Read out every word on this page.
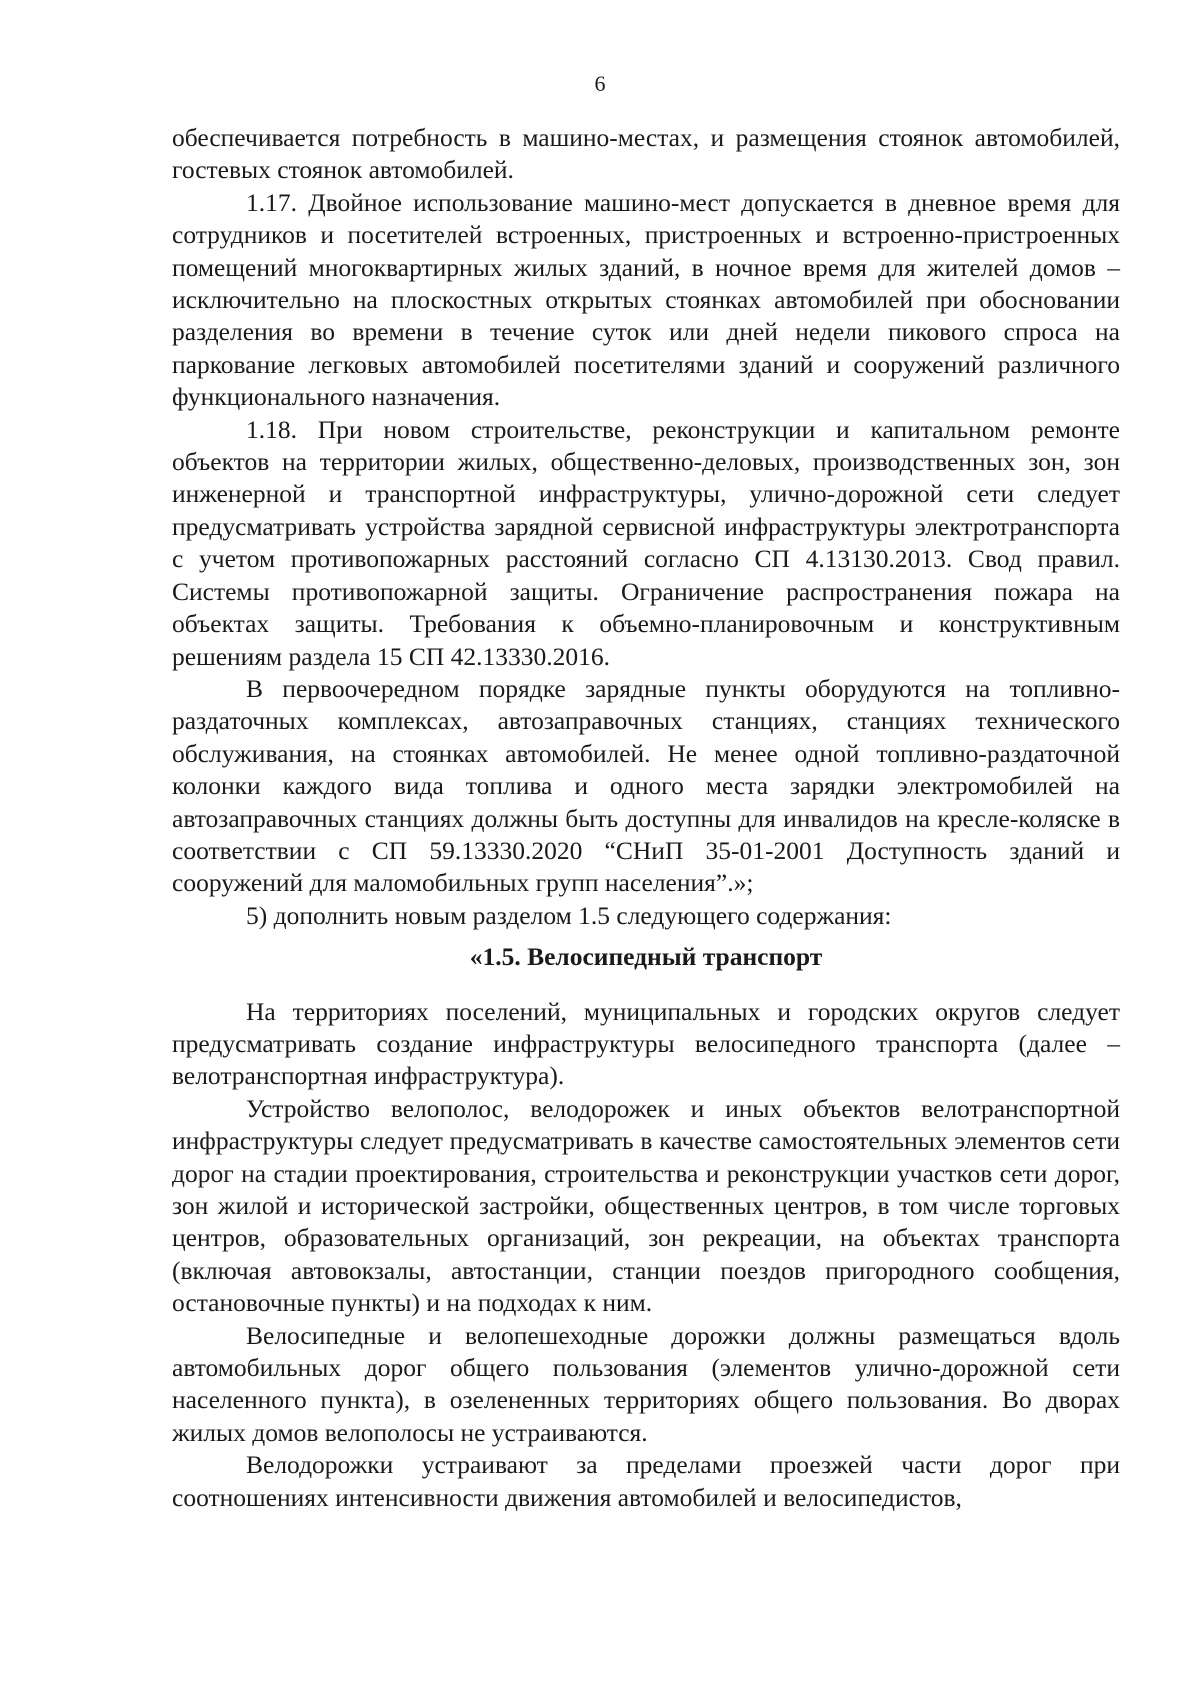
6

обеспечивается потребность в машино-местах, и размещения стоянок автомобилей, гостевых стоянок автомобилей.

1.17. Двойное использование машино-мест допускается в дневное время для сотрудников и посетителей встроенных, пристроенных и встроенно-пристроенных помещений многоквартирных жилых зданий, в ночное время для жителей домов – исключительно на плоскостных открытых стоянках автомобилей при обосновании разделения во времени в течение суток или дней недели пикового спроса на паркование легковых автомобилей посетителями зданий и сооружений различного функционального назначения.

1.18. При новом строительстве, реконструкции и капитальном ремонте объектов на территории жилых, общественно-деловых, производственных зон, зон инженерной и транспортной инфраструктуры, улично-дорожной сети следует предусматривать устройства зарядной сервисной инфраструктуры электротранспорта с учетом противопожарных расстояний согласно СП 4.13130.2013. Свод правил. Системы противопожарной защиты. Ограничение распространения пожара на объектах защиты. Требования к объемно-планировочным и конструктивным решениям раздела 15 СП 42.13330.2016.

В первоочередном порядке зарядные пункты оборудуются на топливно-раздаточных комплексах, автозаправочных станциях, станциях технического обслуживания, на стоянках автомобилей. Не менее одной топливно-раздаточной колонки каждого вида топлива и одного места зарядки электромобилей на автозаправочных станциях должны быть доступны для инвалидов на кресле-коляске в соответствии с СП 59.13330.2020 “СНиП 35-01-2001 Доступность зданий и сооружений для маломобильных групп населения”.»;

5) дополнить новым разделом 1.5 следующего содержания:

«1.5. Велосипедный транспорт

На территориях поселений, муниципальных и городских округов следует предусматривать создание инфраструктуры велосипедного транспорта (далее – велотранспортная инфраструктура).

Устройство велополос, велодорожек и иных объектов велотранспортной инфраструктуры следует предусматривать в качестве самостоятельных элементов сети дорог на стадии проектирования, строительства и реконструкции участков сети дорог, зон жилой и исторической застройки, общественных центров, в том числе торговых центров, образовательных организаций, зон рекреации, на объектах транспорта (включая автовокзалы, автостанции, станции поездов пригородного сообщения, остановочные пункты) и на подходах к ним.

Велосипедные и велопешеходные дорожки должны размещаться вдоль автомобильных дорог общего пользования (элементов улично-дорожной сети населенного пункта), в озелененных территориях общего пользования. Во дворах жилых домов велополосы не устраиваются.

Велодорожки устраивают за пределами проезжей части дорог при соотношениях интенсивности движения автомобилей и велосипедистов,
